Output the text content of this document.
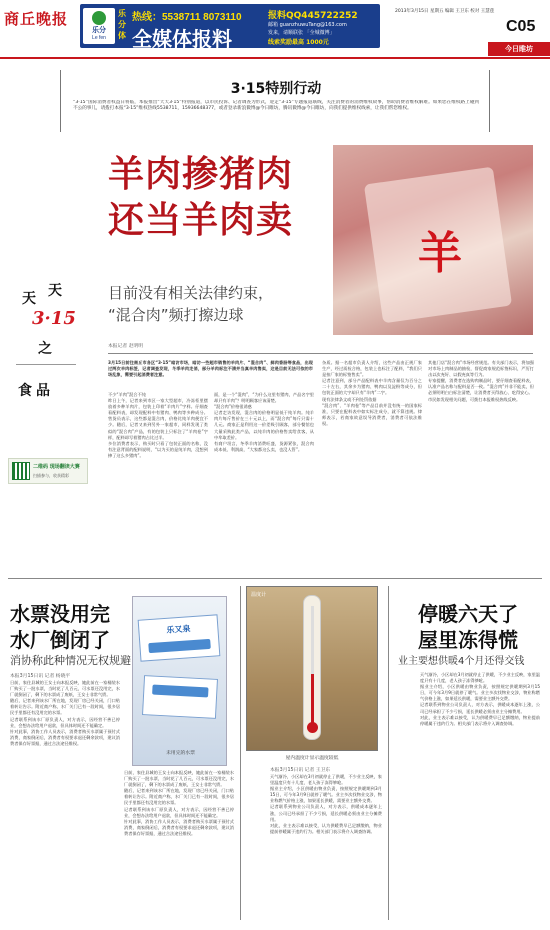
商丘晚报
乐分
Le fen
乐分体
热线：5538711 8073110
全媒体报料
报料QQ445722252
邮箱 guanzhuwuTang@163.com
发来，请顺联张 「全城微博」
线索奖励最高 1000元
2013年3月15日 星期五 编辑 王卫东 校对 王慧莲
C05
今日睢坊
3·15特别行动
“3·15”国际消费者权益日将临，本报推出“天天3·15”特别报道，以市民投诉、记者调查为形式，迎走“3·15”专题报道联线，关注消费者的消费维权故事，帮助消费者维权解难。如果您在维权路上碰到不公的事儿，请拨打本报“3·15”维权热线5538711，15936648377，或者登录新浪微博@今日睢坊，腾讯微博@今日睢坊，向我们提供维权线索，让我们帮您维权。
羊肉掺猪肉
还当羊肉卖
目前没有相关法律约束，
“混合肉”频打擦边球
羊
本报记者 赵明明
天 天
3·15
之
食 品
二维码 现场翻读大赛
扫描参与，收获精彩
3月15日前往商丘市各区“3·15”暗访市场，暗访一些超市销售的羊肉片、“混合肉”、鲜肉香肠等食品，出现过两次羊肉标签，记者调查发现，冬季羊肉走俏，部分羊肉标注不清并当真羊肉售卖，这是目前无法可依的市场乱象，需要引起消费者注意。
不少“羊肉”混合不纯
昨日上午，记者来到市区一家大型超市，冷冻柜里摆放着多种羊肉片，包装上印着“羊肉片”字样。仔细查看配料表，却发现配料中有猪肉、鸭肉等多种成分。售货员表示，这些都是混合肉，价格比纯羊肉便宜不少。随后，记者又来到另外一家超市，同样发现了类似的“混合肉”产品，有的包装上只标注了“羊肉卷”字样，配料却写着猪肉占比过半。
多位消费者表示，购买时只看了包装正面的名称，没有注意背面的配料说明，“以为买的是纯羊肉，没想到掺了这么多猪肉”。
面，是一个“混肉”，“为什么这里有猪肉，产品名字里却只有羊肉”？明明顾客应该清楚。
“混合肉”价格很诱惑
记者走访发现，混合肉的价格明显低于纯羊肉。纯羊肉片每斤售价在三十元以上，而“混合肉”每斤只需十几元。商家正是利用这一价差吸引顾客，部分餐馆也大量采购此类产品，以纯羊肉的价格售卖给食客，从中牟取差价。
有商户坦言，冬季羊肉消费旺盛，货源紧张，混合肉成本低、利润高，“大家都这么卖，也没人管”。
杂质。据一名超市负责人介绍，这些产品由正规厂家生产，经过质检合格，包装上也标注了配料，“我们只是按厂家的标签售卖”。
记者注意到，部分产品配料表中羊肉含量仅为百分之二十左右，其余多为猪肉、鸭肉以及淀粉等成分，但包装正面的大字却只有“羊肉”二字。
现有法律条文或不到处罚依据
“混合肉”、“羊肉卷”等产品目前并没有统一的国家标准，只要在配料表中如实标注成分，就不算违规。律师表示，若商家故意误导消费者，消费者可依法维权。
其他门店“混合肉”市场经营规范。有关部门表示，将加强对市场上肉制品的抽检，督促商家规范标签标识，严厉打击以次充好、以假充真等行为。
专家提醒，消费者在选购肉制品时，要仔细查看配料表，认准产品名称与配料是否一致。“混合肉”并非不能卖，但必须明明白白标注清楚，让消费者买得放心、吃得安心。
市民如发现相关问题，可拨打本报维权热线反映。
水票没用完
水厂倒闭了
消协称此种情况无权规避
本报3月15日讯 记者 杨晓平
日前，家住县城的王女士向本报反映，她此前在一家桶装水厂购买了一批水票，当时花了几百元，可水票还没用完，水厂就倒闭了，剩下的水票成了废纸，王女士非常气愤。
随后，记者来到该水厂所在地，发现厂房已经关闭，门口贴着转让告示。附近商户称，水厂关门已有一段时间，很多居民手里都还有没用完的水票。
记者联系到该水厂原负责人，对方表示，因经营不善已停业，会想办法给用户退款，但具体时间还不能确定。
针对此事，消协工作人员表示，消费者购买水票属于预付式消费，商家倒闭后，消费者有权要求退还剩余款项，建议消费者保存好票据，通过合法途径维权。
乐又泉
未用完的水票
日前，家住县城的王女士向本报反映，她此前在一家桶装水厂购买了一批水票，当时花了几百元，可水票还没用完，水厂就倒闭了，剩下的水票成了废纸，王女士非常气愤。
随后，记者来到该水厂所在地，发现厂房已经关闭，门口贴着转让告示。附近商户称，水厂关门已有一段时间，很多居民手里都还有没用完的水票。
记者联系到该水厂原负责人，对方表示，因经营不善已停业，会想办法给用户退款，但具体时间还不能确定。
针对此事，消协工作人员表示，消费者购买水票属于预付式消费，商家倒闭后，消费者有权要求退还剩余款项，建议消费者保存好票据，通过合法途径维权。
温度计
屋内温度计显示温度较低
停暖六天了
屋里冻得慌
业主要想供暖4个月还得交钱
本报3月15日讯 记者 王卫东
天气渐冷，小区却在3月初就停止了供暖，不少业主反映，家里温度只有十几度，老人孩子冻得够呛。
据业主介绍，小区供暖由物业负责，按照规定供暖期到3月15日，可今年3月9日就停了暖气。业主多次找物业交涉，物业称燃气价格上涨，如果延长供暖，需要业主额外交费。
记者联系到物业公司负责人，对方表示，供暖成本逐年上涨，公司已经承担了不少亏损，延长供暖必须由业主分摊费用。
对此，业主表示难以接受，认为供暖费早已足额缴纳，物业提前停暖属于违约行为。相关部门表示将介入调查协调。
天气渐冷，小区却在3月初就停止了供暖，不少业主反映，家里温度只有十几度，老人孩子冻得够呛。
据业主介绍，小区供暖由物业负责，按照规定供暖期到3月15日，可今年3月9日就停了暖气。业主多次找物业交涉，物业称燃气价格上涨，如果延长供暖，需要业主额外交费。
记者联系到物业公司负责人，对方表示，供暖成本逐年上涨，公司已经承担了不少亏损，延长供暖必须由业主分摊费用。
对此，业主表示难以接受，认为供暖费早已足额缴纳，物业提前停暖属于违约行为。相关部门表示将介入调查协调。
